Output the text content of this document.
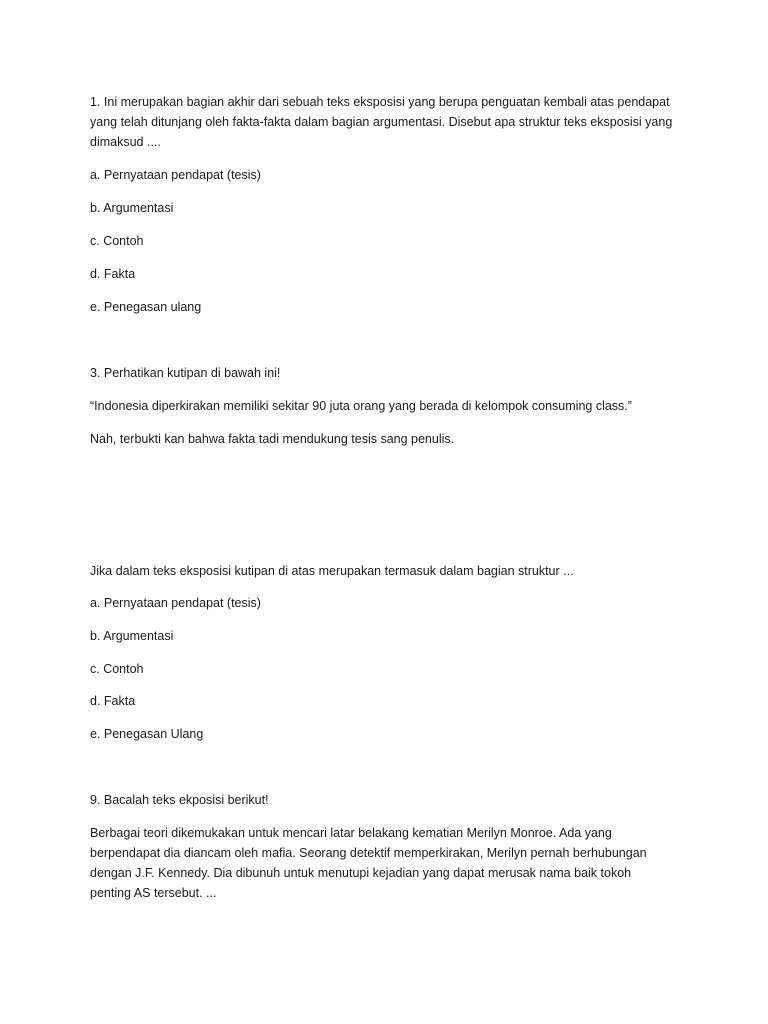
1. Ini merupakan bagian akhir dari sebuah teks eksposisi yang berupa penguatan kembali atas pendapat
yang telah ditunjang oleh fakta-fakta dalam bagian argumentasi. Disebut apa struktur teks eksposisi yang
dimaksud ....
a. Pernyataan pendapat (tesis)
b. Argumentasi
c. Contoh
d. Fakta
e. Penegasan ulang
3. Perhatikan kutipan di bawah ini!
“Indonesia diperkirakan memiliki sekitar 90 juta orang yang berada di kelompok consuming class.”
Nah, terbukti kan bahwa fakta tadi mendukung tesis sang penulis.
Jika dalam teks eksposisi kutipan di atas merupakan termasuk dalam bagian struktur ...
a. Pernyataan pendapat (tesis)
b. Argumentasi
c. Contoh
d. Fakta
e. Penegasan Ulang
9. Bacalah teks ekposisi berikut!
Berbagai teori dikemukakan untuk mencari latar belakang kematian Merilyn Monroe. Ada yang
berpendapat dia diancam oleh mafia. Seorang detektif memperkirakan, Merilyn pernah berhubungan
dengan J.F. Kennedy. Dia dibunuh untuk menutupi kejadian yang dapat merusak nama baik tokoh
penting AS tersebut. ...
